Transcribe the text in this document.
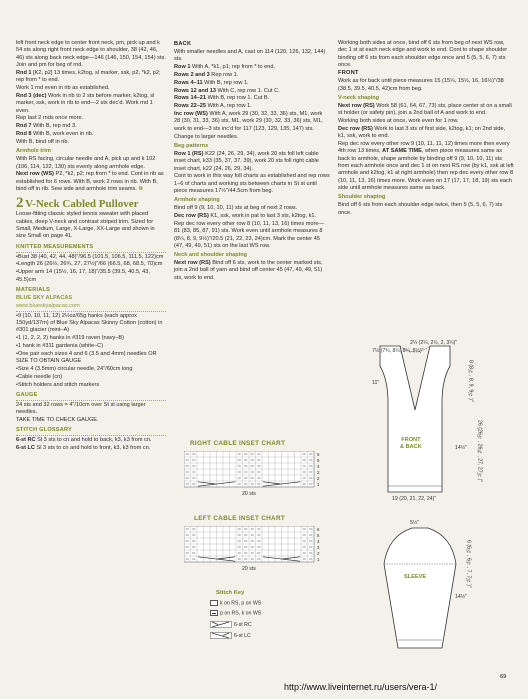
left front neck edge to center front neck, pm, pick up and k 54 sts along right front neck edge to shoulder, 38 (42, 46, 46) sts along back neck edge—146 (146, 150, 154, 154) sts. Join and pm for beg of rnd.

Rnd 1 [K2, p2] 13 times, k2tog, sl marker, ssk, p2, *k2, p2; rep from * to end.

Work 1 rnd even in rib as established.

Rnd 3 (dec) Work in rib to 2 sts before marker, k2tog, sl marker, ssk, work in rib to end—2 sts dec'd. Work rnd 1 even.

Rep last 2 rnds once more.

Rnd 7 With B, rep rnd 3.

Rnd 8 With B, work even in rib.

With B, bind off in rib.

Armhole trim

With RS facing, circular needle and A, pick up and k 102 (106, 114, 122, 130) sts evenly along armhole edge.

Next row (WS) P2, *k2, p2; rep from * to end. Cont in rib as established for 6 rows. With B, work 2 rows in rib. With B, bind off in rib. Sew side and armhole trim seams. ❁

2 V-Neck Cabled Pullover

Loose-fitting classic styled tennis sweater with placed cables, deep V-neck and contrast striped trim. Sized for Small, Medium, Large, X-Large, XX-Large and shown in size Small on page 41.

KNITTED MEASUREMENTS

• Bust 38 (40, 42, 44, 48)"/96.5 (101.5, 106.5, 111.5, 122)cm

• Length 26 (26½, 26¾, 27, 27½)"/66 (66.5, 68, 68.5, 70)cm

• Upper arm 14 (15½, 16, 17, 18)"/35.5 (39.5, 40.5, 43, 45.5)cm

MATERIALS

BLUE SKY ALPACAS

www.blueskyalpacas.com

• 9 (10, 10, 11, 12) 2½oz/65g hanks (each approx 150yd/137m) of Blue Sky Alpacas Skinny Cotton (cotton) in #301 glacier (mint–A)

• 1 (1, 2, 2, 2) hanks in #319 raven (navy–B)

• 1 hank in #311 gardenia (white–C)

• One pair each sizes 4 and 6 (3.5 and 4mm) needles OR SIZE TO OBTAIN GAUGE

• Size 4 (3.5mm) circular needle, 24"/60cm long

• Cable needle (cn)

• Stitch holders and stitch markers

GAUGE

24 sts and 32 rows = 4"/10cm over St st using larger needles.

TAKE TIME TO CHECK GAUGE.

STITCH GLOSSARY

6-st RC Sl 3 sts to cn and hold to back, k3, k3 from cn.

6-st LC Sl 3 sts to cn and hold to front, k3, k3 from cn.

BACK

With smaller needles and A, cast on 114 (120, 126, 132, 144) sts.

Row 1 With A, *k1, p1; rep from * to end.

Rows 2 and 3 Rep row 1.

Rows 4–11 With B, rep row 1.

Rows 12 and 13 With C, rep row 1. Cut C.

Rows 14–21 With B, rep row 1. Cut B.

Rows 22–25 With A, rep row 1.

Inc row (WS) With A, work 29 (30, 32, 33, 36) sts, M1, work 28 (30, 31, 33, 36) sts, M1, work 29 (30, 32, 33, 36) sts, M1, work to end—3 sts inc'd for 117 (123, 129, 135, 147) sts.

Change to larger needles.

Beg patterns

Row 1 (RS) K22 (24, 26, 29, 34), work 20 sts foll left cable inset chart, k33 (35, 37, 37, 39), work 20 sts foll right cable inset chart, k22 (24, 26, 29, 34).

Cont to work in this way foll charts as established and rep rows 1–6 of charts and working sts between charts in St st until piece measures 17½"/44.5cm from beg.

Armhole shaping

Bind off 9 (9, 10, 10, 11) sts at beg of next 2 rows.

Dec row (RS) K1, ssk, work in pat to last 3 sts, k2tog, k1.

Rep dec row every other row 8 (10, 11, 13, 16) times more—81 (83, 85, 87, 91) sts. Work even until armhole measures 8 (8¼, 8, 9, 9½)"/20.5 (21, 22, 23, 24)cm. Mark the center 45 (47, 49, 49, 51) sts on the last WS row.

Neck and shoulder shaping

Next row (RS) Bind off 6 sts, work to the center marked sts, join a 2nd ball of yarn and bind off center 45 (47, 49, 49, 51) sts, work to end.

Working both sides at once, bind off 6 sts from beg of next WS row, dec 1 st at each neck edge and work to end. Cont to shape shoulder binding off 6 sts from each shoulder edge once and 5 (5, 5, 6, 7) sts once.

FRONT

Work as for back until piece measures 15 (15¼, 15½, 16, 16½)"/38 (38.5, 39.5, 40.5, 42)cm from beg.

V-neck shaping

Next row (RS) Work 58 (61, 64, 67, 73) sts, place center st on a small st holder (or safety pin), join a 2nd ball of A and work to end.

Working both sides at once, work even for 1 row.

Dec row (RS) Work to last 3 sts of first side, k2tog, k1; on 2nd side, k1, ssk, work to end.

Rep dec row every other row 9 (10, 11, 11, 12) times more then every 4th row 13 times, AT SAME TIME, when piece measures same as back to armhole, shape armhole by binding off 9 (9, 10, 10, 11) sts from each armhole once and dec 1 st on next RS row (by k1, ssk at left armhole and k2tog, k1 at right armhole) then rep dec every other row 8 (10, 11, 13, 16) times more. Work even on 17 (17, 17, 18, 19) sts each side until armhole measures same as back.

Shoulder shaping

Bind off 6 sts from each shoulder edge twice, then 5 (5, 5, 6, 7) sts once.

RIGHT CABLE INSET CHART
6
5
4
3
2
1
20 sts
LEFT CABLE INSET CHART
6
5
4
3
2
1
20 sts
Stitch Key
k on RS, p on WS
p on RS, k on WS
6-st RC
6-st LC
2¼ (2¼, 2½, 2, 3¼)"
7½ (7¾, 8¼, 8¼, 8½)"
11"
FRONT
& BACK
8 (8¼, 8, 9, 9½)"
26 (26½, 26¾, 27, 27½)"
14½"
19 (20, 21, 22, 24)"
5½"
SLEEVE	6 (6¼, 6½, 7, 7½)"
14½"
69
http://www.liveinternet.ru/users/vera-1/
